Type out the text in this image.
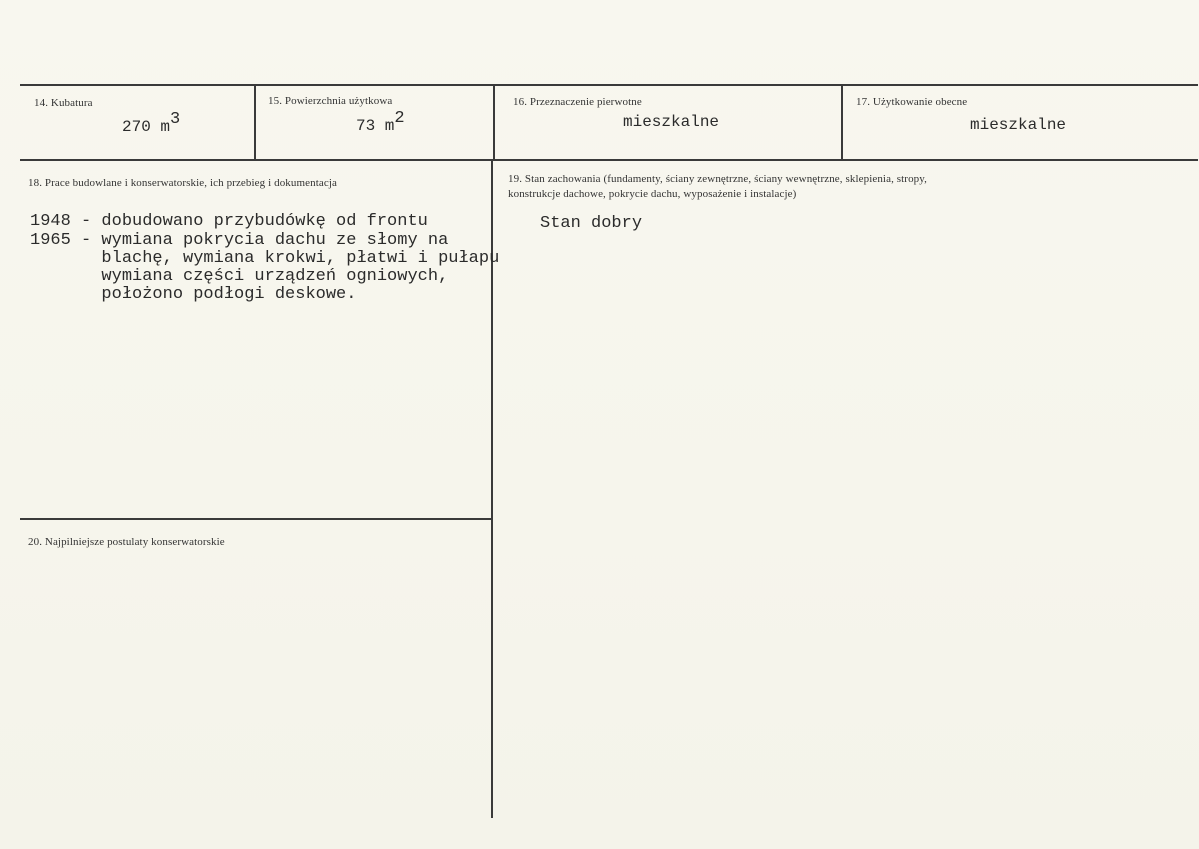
14. Kubatura
270 m3
15. Powierzchnia użytkowa
73 m2
16. Przeznaczenie pierwotne
mieszkalne
17. Użytkowanie obecne
mieszkalne
18. Prace budowlane i konserwatorskie, ich przebieg i dokumentacja
1948 - dobudowano przybudówkę od frontu
1965 - wymiana pokrycia dachu ze słomy na
blachę, wymiana krokwi, płatwi i pułapu
wymiana części urządzeń ogniowych,
położono podłogi deskowe.
19. Stan zachowania (fundamenty, ściany zewnętrzne, ściany wewnętrzne, sklepienia, stropy,
konstrukcje dachowe, pokrycie dachu, wyposażenie i instalacje)
Stan dobry
20. Najpilniejsze postulaty konserwatorskie
